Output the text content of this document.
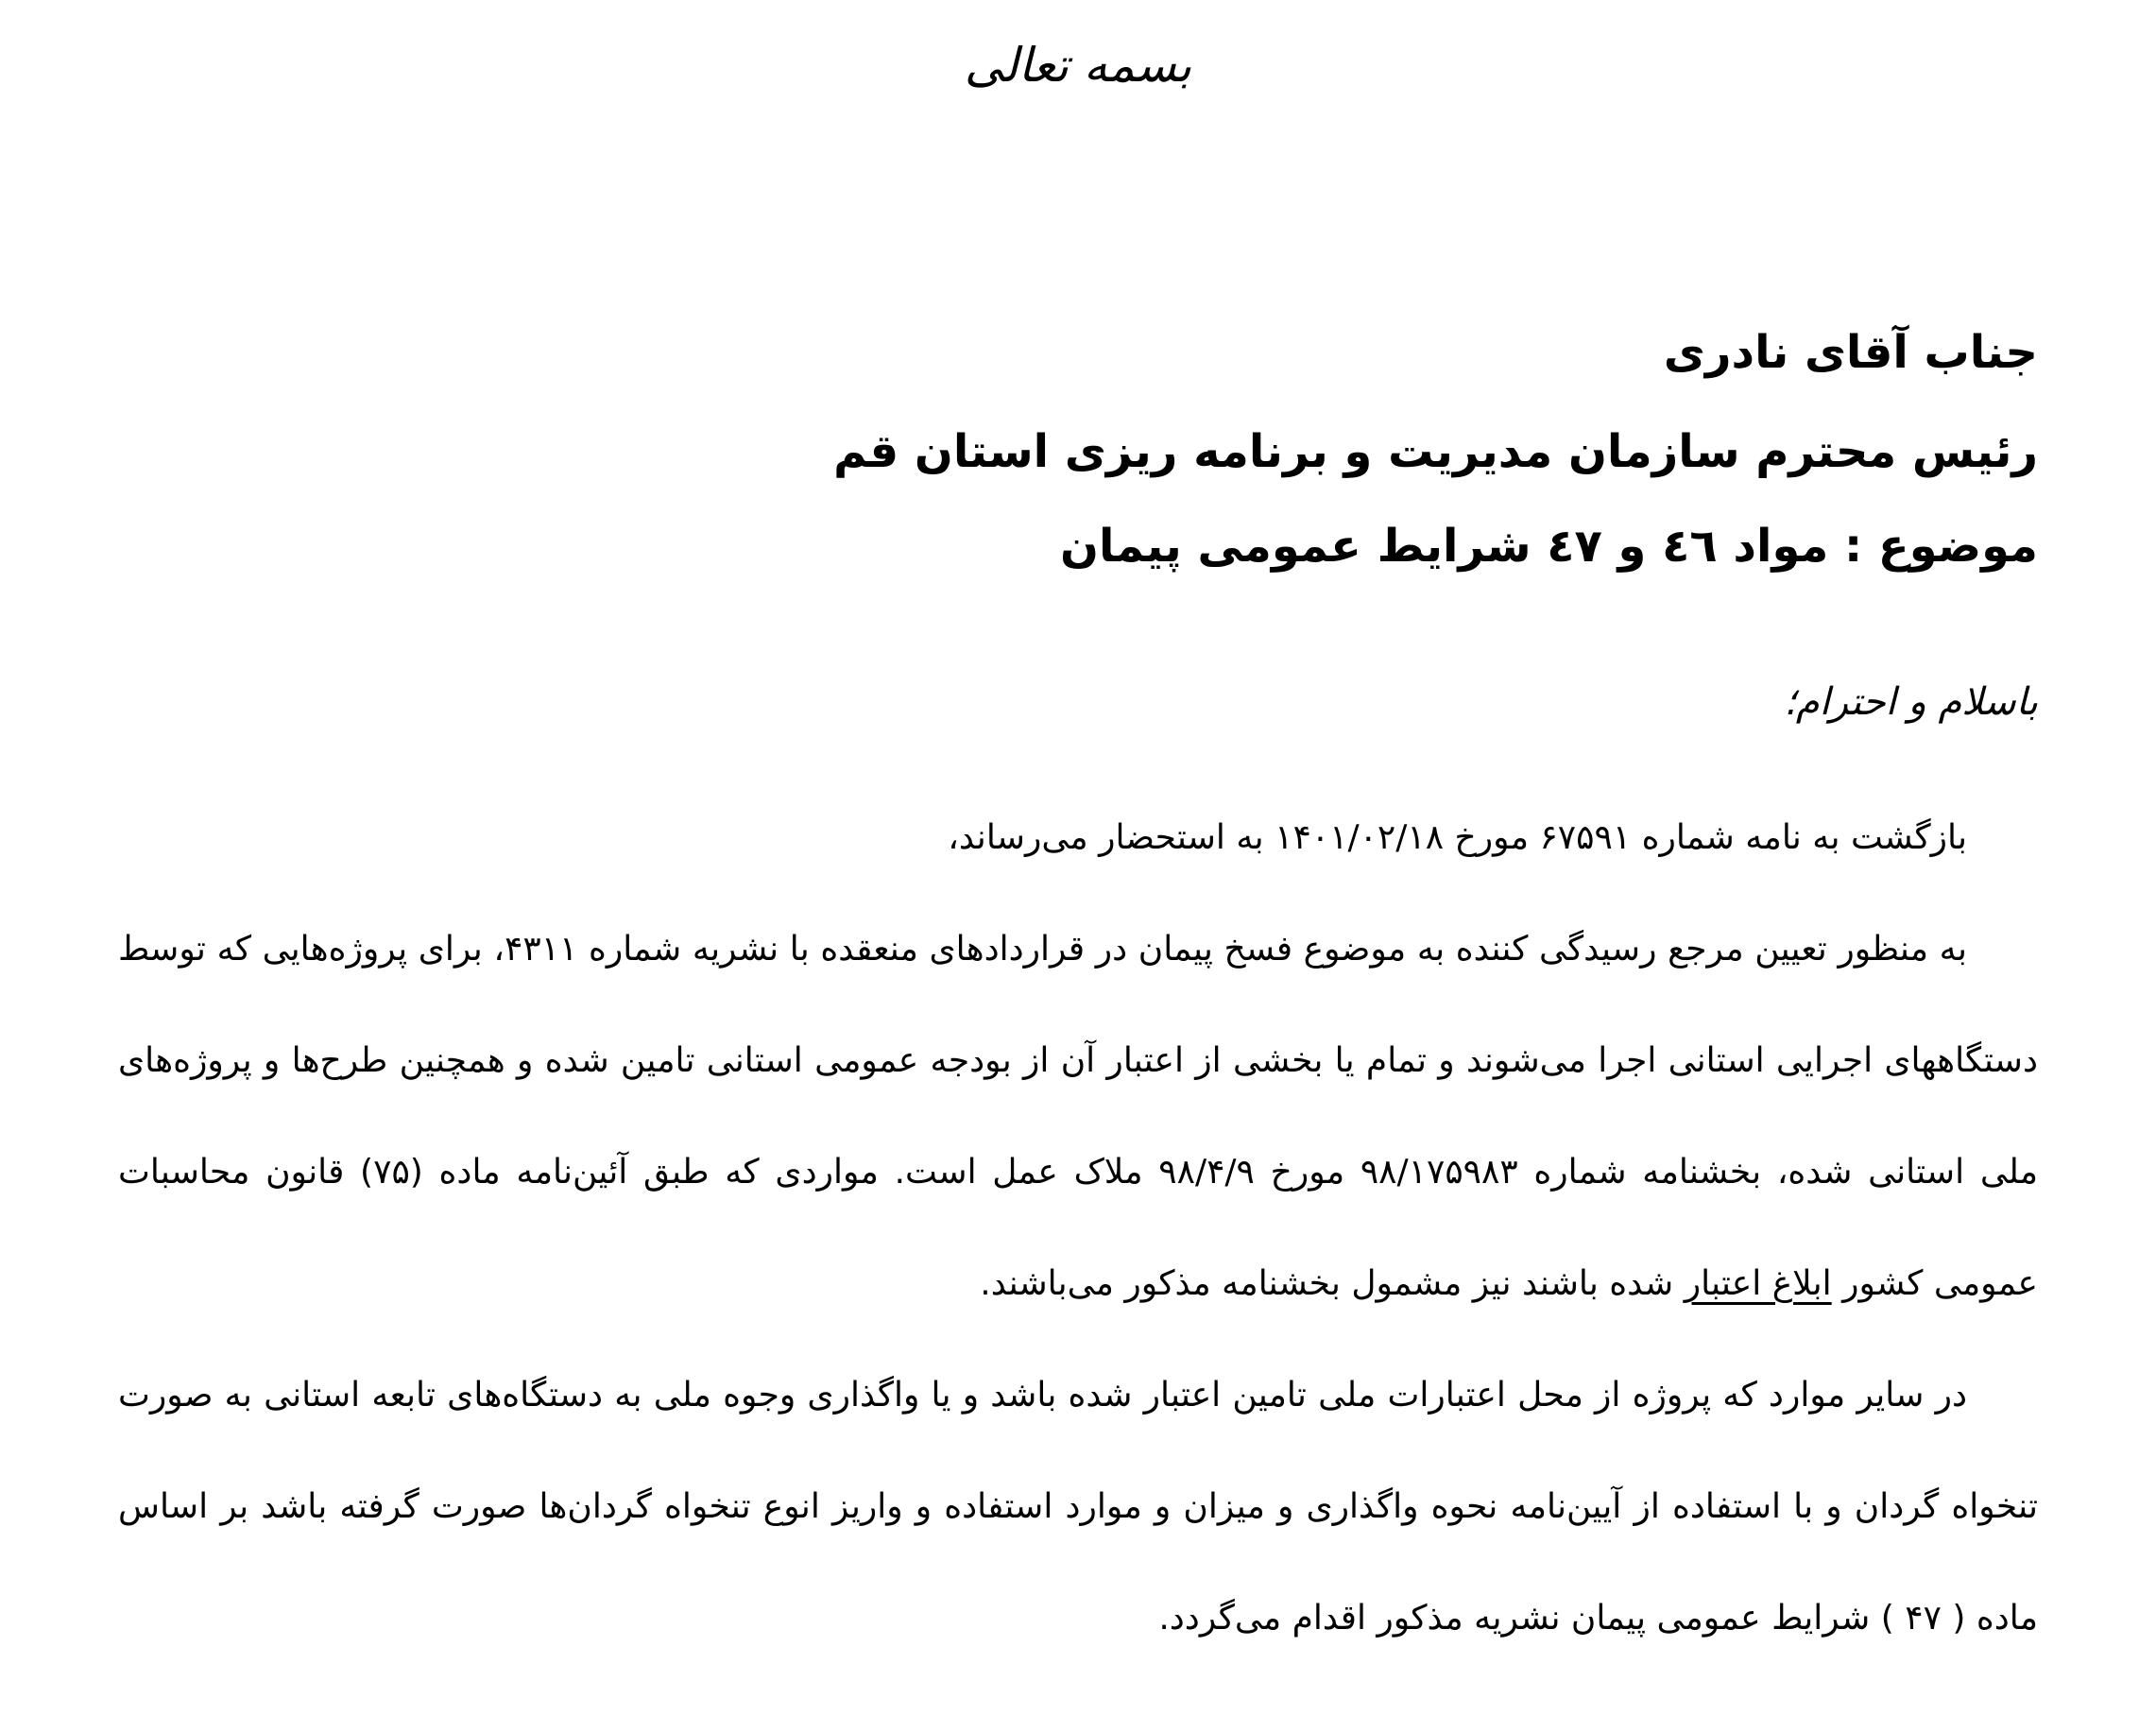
بسمه تعالی
جناب آقای نادری
رئیس محترم سازمان مدیریت و برنامه ریزی استان قم
موضوع : مواد ٤٦ و ٤٧ شرایط عمومی پیمان
باسلام و احترام؛

بازگشت به نامه شماره ۶۷۵۹۱ مورخ ۱۴۰۱/۰۲/۱۸ به استحضار می‌رساند،

به منظور تعیین مرجع رسیدگی کننده به موضوع فسخ پیمان در قراردادهای منعقده با نشریه شماره ۴۳۱۱، برای پروژه‌هایی که توسط دستگاههای اجرایی استانی اجرا می‌شوند و تمام یا بخشی از اعتبار آن از بودجه عمومی استانی تامین شده و همچنین طرح‌ها و پروژه‌های ملی استانی شده، بخشنامه شماره ۹۸/۱۷۵۹۸۳ مورخ ۹۸/۴/۹ ملاک عمل است. مواردی که طبق آئین‌نامه ماده (۷۵) قانون محاسبات عمومی کشور ابلاغ اعتبار شده باشند نیز مشمول بخشنامه مذکور می‌باشند.

در سایر موارد که پروژه از محل اعتبارات ملی تامین اعتبار شده باشد و یا واگذاری وجوه ملی به دستگاه‌های تابعه استانی به صورت تنخواه گردان و با استفاده از آیین‌نامه نحوه واگذاری و میزان و موارد استفاده و واریز انوع تنخواه گردان‌ها صورت گرفته باشد بر اساس ماده ( ۴۷ ) شرایط عمومی پیمان نشریه مذکور اقدام می‌گردد.
